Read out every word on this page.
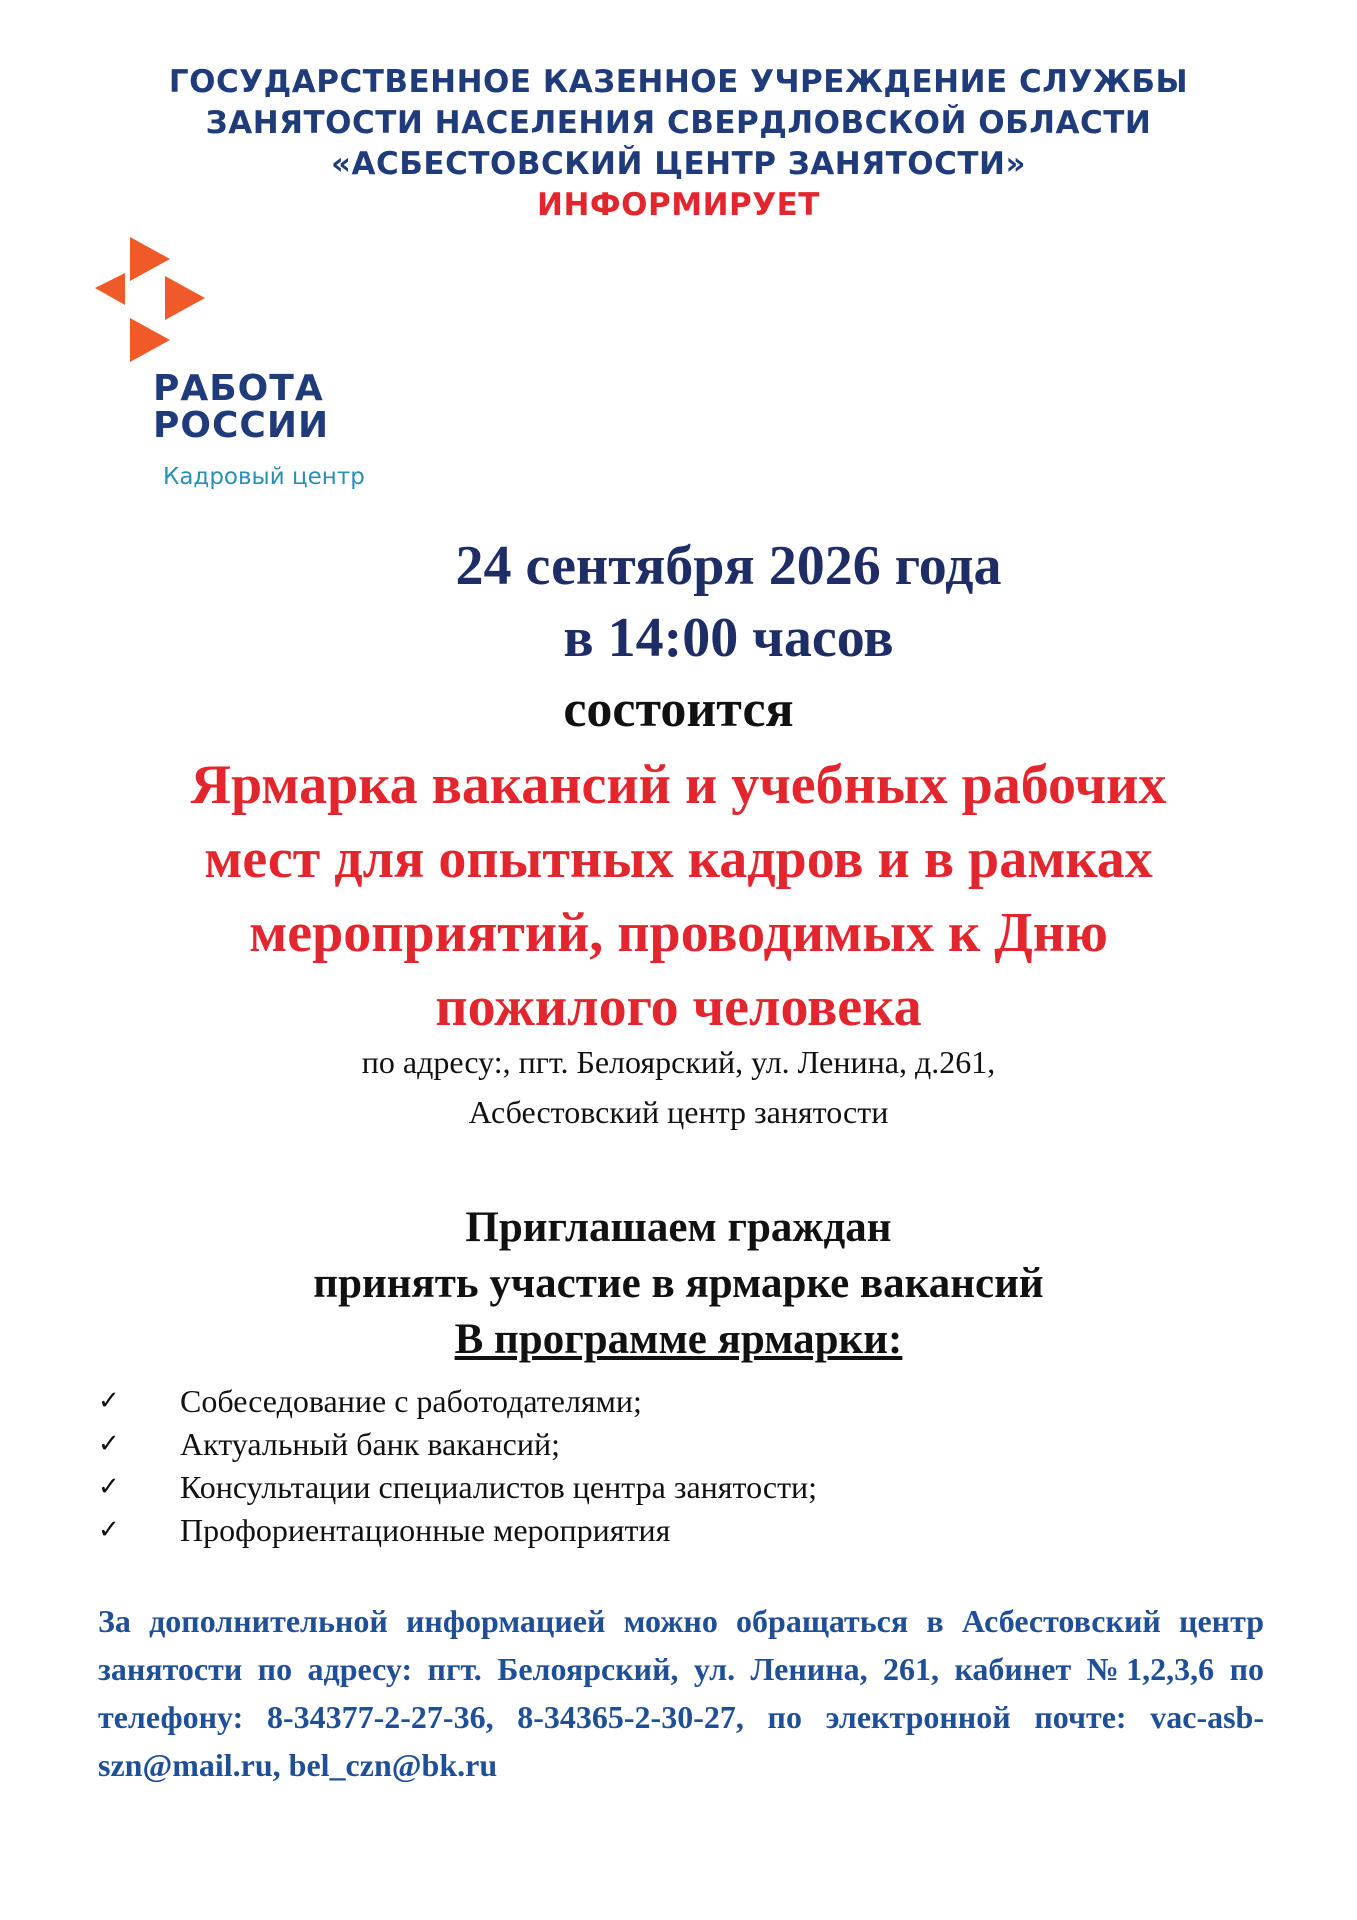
ГОСУДАРСТВЕННОЕ КАЗЕННОЕ УЧРЕЖДЕНИЕ СЛУЖБЫ
ЗАНЯТОСТИ НАСЕЛЕНИЯ СВЕРДЛОВСКОЙ ОБЛАСТИ
«АСБЕСТОВСКИЙ ЦЕНТР ЗАНЯТОСТИ»
ИНФОРМИРУЕТ
РАБОТА
РОССИИ
Кадровый центр
24 сентября 2026 года
в 14:00 часов
состоится
Ярмарка вакансий и учебных рабочих
мест для опытных кадров и в рамках
мероприятий, проводимых к Дню
пожилого человека
по адресу:, пгт. Белоярский, ул. Ленина, д.261,
Асбестовский центр занятости
Приглашаем граждан
принять участие в ярмарке вакансий
В программе ярмарки:
✓ Собеседование с работодателями;
✓ Актуальный банк вакансий;
✓ Консультации специалистов центра занятости;
✓ Профориентационные мероприятия
За дополнительной информацией можно обращаться в Асбестовский центр занятости по адресу: пгт. Белоярский, ул. Ленина, 261, кабинет №1,2,3,6 по телефону: 8-34377-2-27-36, 8-34365-2-30-27, по электронной почте: vac-asb-szn@mail.ru, bel_czn@bk.ru
